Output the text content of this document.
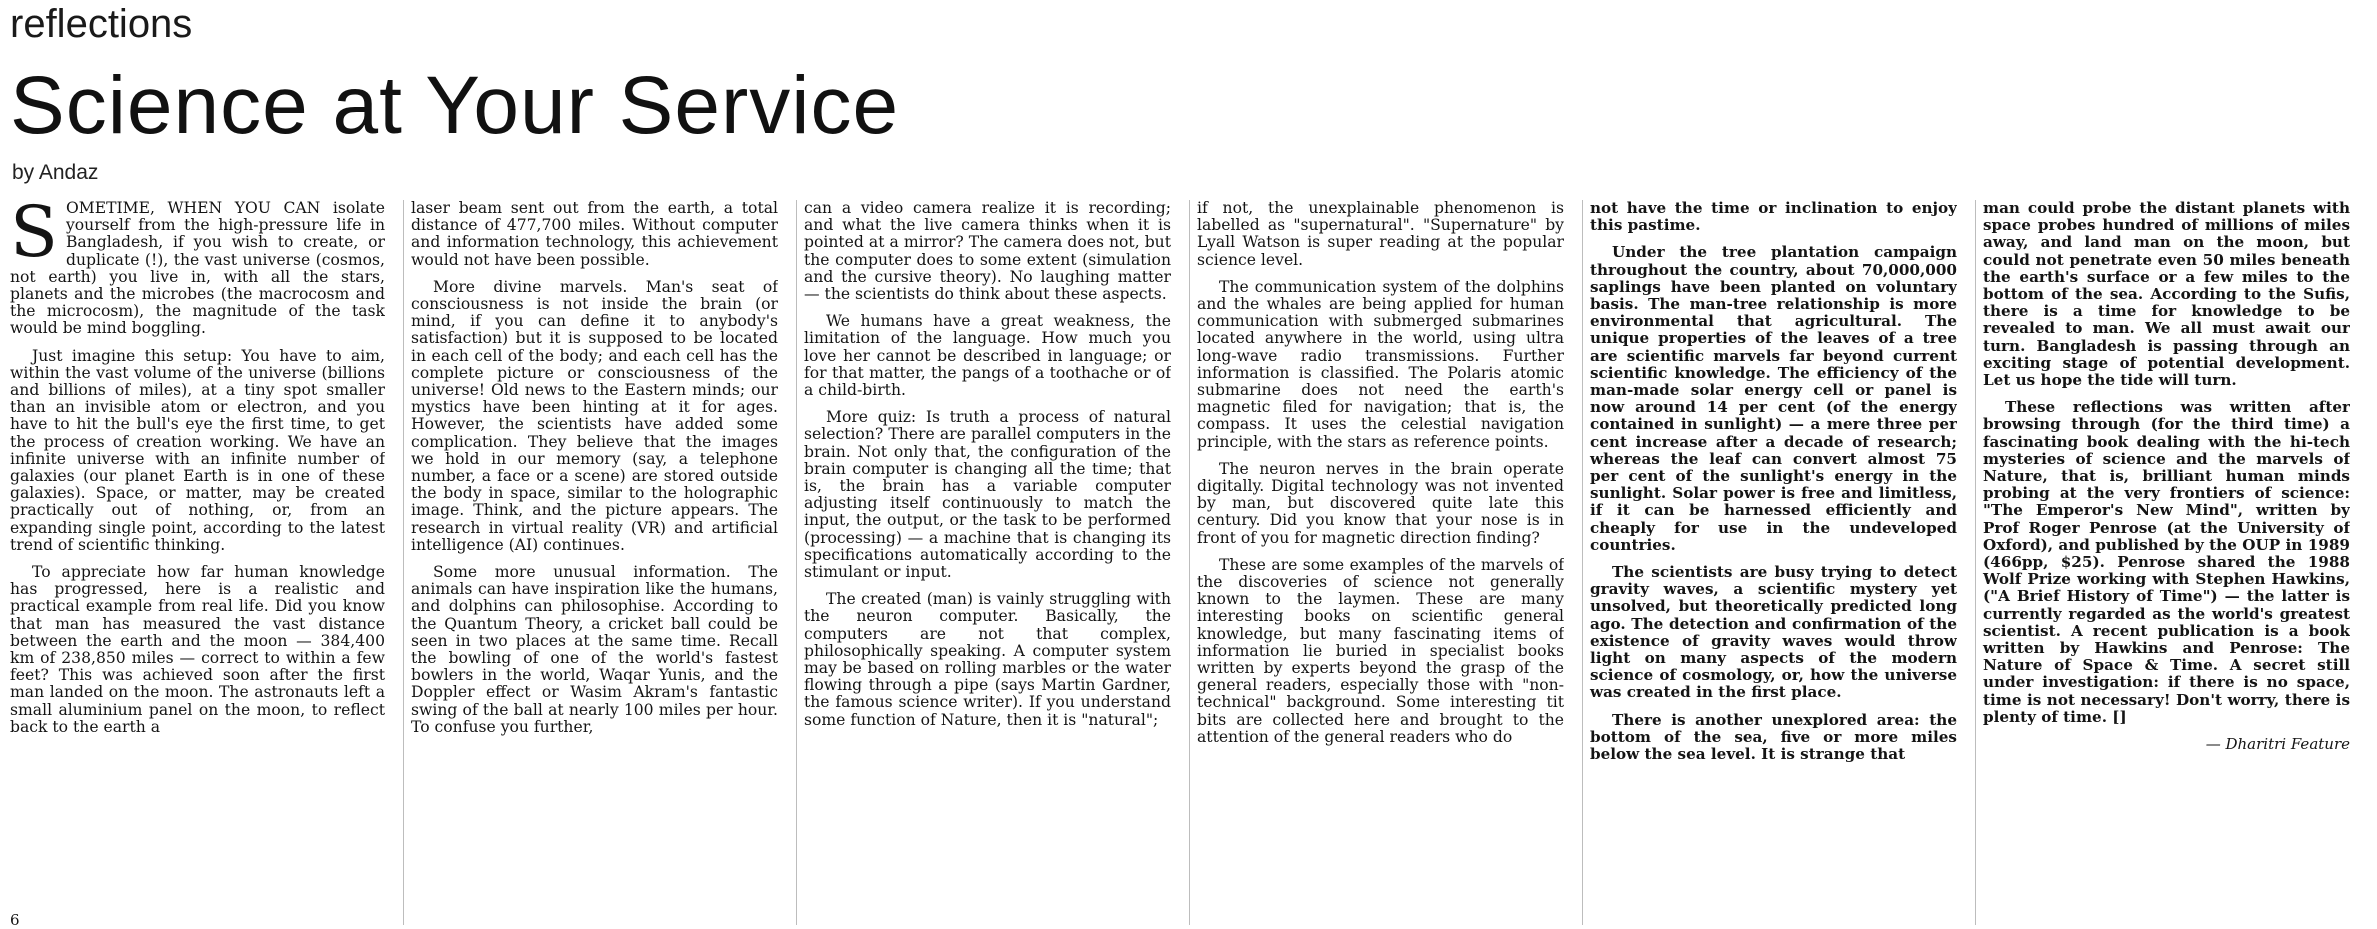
reflections
Science at Your Service
by Andaz

SOMETIME, WHEN YOU CAN isolate yourself from the high-pressure life in Bangladesh, if you wish to create, or duplicate (!), the vast universe (cosmos, not earth) you live in, with all the stars, planets and the microbes (the macrocosm and the microcosm), the magnitude of the task would be mind boggling.

Just imagine this setup: You have to aim, within the vast volume of the universe (billions and billions of miles), at a tiny spot smaller than an invisible atom or electron, and you have to hit the bull's eye the first time, to get the process of creation working. We have an infinite universe with an infinite number of galaxies (our planet Earth is in one of these galaxies). Space, or matter, may be created practically out of nothing, or, from an expanding single point, according to the latest trend of scientific thinking.

To appreciate how far human knowledge has progressed, here is a realistic and practical example from real life. Did you know that man has measured the vast distance between the earth and the moon — 384,400 km of 238,850 miles — correct to within a few feet? This was achieved soon after the first man landed on the moon. The astronauts left a small aluminium panel on the moon, to reflect back to the earth a

laser beam sent out from the earth, a total distance of 477,700 miles. Without computer and information technology, this achievement would not have been possible.

More divine marvels. Man's seat of consciousness is not inside the brain (or mind, if you can define it to anybody's satisfaction) but it is supposed to be located in each cell of the body; and each cell has the complete picture or consciousness of the universe! Old news to the Eastern minds; our mystics have been hinting at it for ages. However, the scientists have added some complication. They believe that the images we hold in our memory (say, a telephone number, a face or a scene) are stored outside the body in space, similar to the holographic image. Think, and the picture appears. The research in virtual reality (VR) and artificial intelligence (AI) continues.

Some more unusual information. The animals can have inspiration like the humans, and dolphins can philosophise. According to the Quantum Theory, a cricket ball could be seen in two places at the same time. Recall the bowling of one of the world's fastest bowlers in the world, Waqar Yunis, and the Doppler effect or Wasim Akram's fantastic swing of the ball at nearly 100 miles per hour. To confuse you further,

can a video camera realize it is recording; and what the live camera thinks when it is pointed at a mirror? The camera does not, but the computer does to some extent (simulation and the cursive theory). No laughing matter — the scientists do think about these aspects.

We humans have a great weakness, the limitation of the language. How much you love her cannot be described in language; or for that matter, the pangs of a toothache or of a child-birth.

More quiz: Is truth a process of natural selection? There are parallel computers in the brain. Not only that, the configuration of the brain computer is changing all the time; that is, the brain has a variable computer adjusting itself continuously to match the input, the output, or the task to be performed (processing) — a machine that is changing its specifications automatically according to the stimulant or input.

The created (man) is vainly struggling with the neuron computer. Basically, the computers are not that complex, philosophically speaking. A computer system may be based on rolling marbles or the water flowing through a pipe (says Martin Gardner, the famous science writer). If you understand some function of Nature, then it is "natural";

if not, the unexplainable phenomenon is labelled as "supernatural". "Supernature" by Lyall Watson is super reading at the popular science level.

The communication system of the dolphins and the whales are being applied for human communication with submerged submarines located anywhere in the world, using ultra long-wave radio transmissions. Further information is classified. The Polaris atomic submarine does not need the earth's magnetic filed for navigation; that is, the compass. It uses the celestial navigation principle, with the stars as reference points.

The neuron nerves in the brain operate digitally. Digital technology was not invented by man, but discovered quite late this century. Did you know that your nose is in front of you for magnetic direction finding?

These are some examples of the marvels of the discoveries of science not generally known to the laymen. These are many interesting books on scientific general knowledge, but many fascinating items of information lie buried in specialist books written by experts beyond the grasp of the general readers, especially those with "non-technical" background. Some interesting tit bits are collected here and brought to the attention of the general readers who do

not have the time or inclination to enjoy this pastime.

Under the tree plantation campaign throughout the country, about 70,000,000 saplings have been planted on voluntary basis. The man-tree relationship is more environmental that agricultural. The unique properties of the leaves of a tree are scientific marvels far beyond current scientific knowledge. The efficiency of the man-made solar energy cell or panel is now around 14 per cent (of the energy contained in sunlight) — a mere three per cent increase after a decade of research; whereas the leaf can convert almost 75 per cent of the sunlight's energy in the sunlight. Solar power is free and limitless, if it can be harnessed efficiently and cheaply for use in the undeveloped countries.

The scientists are busy trying to detect gravity waves, a scientific mystery yet unsolved, but theoretically predicted long ago. The detection and confirmation of the existence of gravity waves would throw light on many aspects of the modern science of cosmology, or, how the universe was created in the first place.

There is another unexplored area: the bottom of the sea, five or more miles below the sea level. It is strange that

man could probe the distant planets with space probes hundred of millions of miles away, and land man on the moon, but could not penetrate even 50 miles beneath the earth's surface or a few miles to the bottom of the sea. According to the Sufis, there is a time for knowledge to be revealed to man. We all must await our turn. Bangladesh is passing through an exciting stage of potential development. Let us hope the tide will turn.

These reflections was written after browsing through (for the third time) a fascinating book dealing with the hi-tech mysteries of science and the marvels of Nature, that is, brilliant human minds probing at the very frontiers of science: "The Emperor's New Mind", written by Prof Roger Penrose (at the University of Oxford), and published by the OUP in 1989 (466pp, $25). Penrose shared the 1988 Wolf Prize working with Stephen Hawkins, ("A Brief History of Time") — the latter is currently regarded as the world's greatest scientist. A recent publication is a book written by Hawkins and Penrose: The Nature of Space & Time. A secret still under investigation: if there is no space, time is not necessary! Don't worry, there is plenty of time. []

— Dharitri Feature
6
